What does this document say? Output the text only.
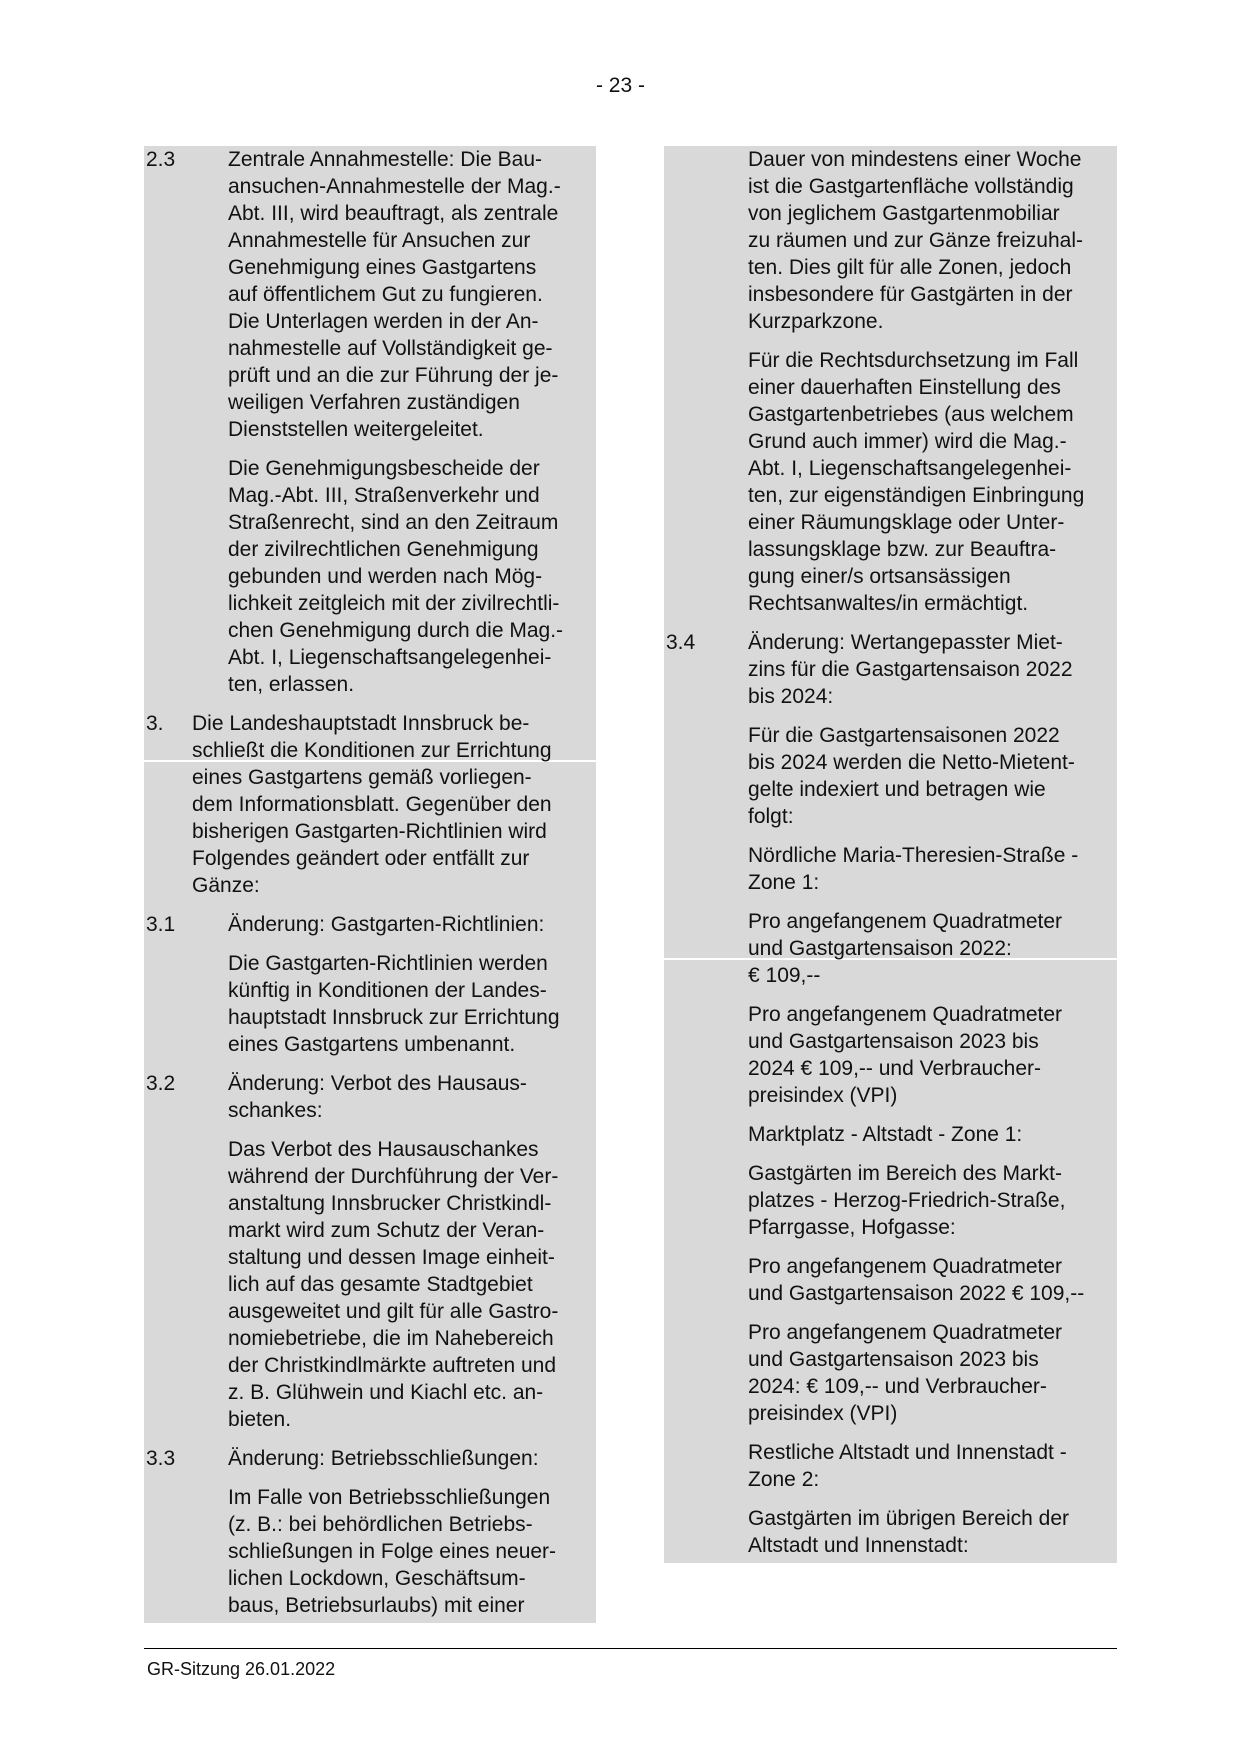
- 23 -
2.3	Zentrale Annahmestelle: Die Bau-
ansuchen-Annahmestelle der Mag.-
Abt. III, wird beauftragt, als zentrale
Annahmestelle für Ansuchen zur
Genehmigung eines Gastgartens
auf öffentlichem Gut zu fungieren.
Die Unterlagen werden in der An-
nahmestelle auf Vollständigkeit ge-
prüft und an die zur Führung der je-
weiligen Verfahren zuständigen
Dienststellen weitergeleitet.
Die Genehmigungsbescheide der
Mag.-Abt. III, Straßenverkehr und
Straßenrecht, sind an den Zeitraum
der zivilrechtlichen Genehmigung
gebunden und werden nach Mög-
lichkeit zeitgleich mit der zivilrechtli-
chen Genehmigung durch die Mag.-
Abt. I, Liegenschaftsangelegenhei-
ten, erlassen.
3. Die Landeshauptstadt Innsbruck be-
schließt die Konditionen zur Errichtung
eines Gastgartens gemäß vorliegen-
dem Informationsblatt. Gegenüber den
bisherigen Gastgarten-Richtlinien wird
Folgendes geändert oder entfällt zur
Gänze:
3.1	Änderung: Gastgarten-Richtlinien:
Die Gastgarten-Richtlinien werden
künftig in Konditionen der Landes-
hauptstadt Innsbruck zur Errichtung
eines Gastgartens umbenannt.
3.2	Änderung: Verbot des Hausaus-
schankes:
Das Verbot des Hausauschankes
während der Durchführung der Ver-
anstaltung Innsbrucker Christkindl-
markt wird zum Schutz der Veran-
staltung und dessen Image einheit-
lich auf das gesamte Stadtgebiet
ausgeweitet und gilt für alle Gastro-
nomiebetriebe, die im Nahebereich
der Christkindlmärkte auftreten und
z. B. Glühwein und Kiachl etc. an-
bieten.
3.3	Änderung: Betriebsschließungen:
Im Falle von Betriebsschließungen
(z. B.: bei behördlichen Betriebs-
schließungen in Folge eines neuer-
lichen Lockdown, Geschäftsum-
baus, Betriebsurlaubs) mit einer
Dauer von mindestens einer Woche
ist die Gastgartenfläche vollständig
von jeglichem Gastgartenmobiliar
zu räumen und zur Gänze freizuhal-
ten. Dies gilt für alle Zonen, jedoch
insbesondere für Gastgärten in der
Kurzparkzone.
Für die Rechtsdurchsetzung im Fall
einer dauerhaften Einstellung des
Gastgartenbetriebes (aus welchem
Grund auch immer) wird die Mag.-
Abt. I, Liegenschaftsangelegenhei-
ten, zur eigenständigen Einbringung
einer Räumungsklage oder Unter-
lassungsklage bzw. zur Beauftra-
gung einer/s ortsansässigen
Rechtsanwaltes/in ermächtigt.
3.4	Änderung: Wertangepasster Miet-
zins für die Gastgartensaison 2022
bis 2024:
Für die Gastgartensaisonen 2022
bis 2024 werden die Netto-Mietent-
gelte indexiert und betragen wie
folgt:
Nördliche Maria-Theresien-Straße -
Zone 1:
Pro angefangenem Quadratmeter
und Gastgartensaison 2022:
€ 109,--
Pro angefangenem Quadratmeter
und Gastgartensaison 2023 bis
2024 € 109,-- und Verbraucher-
preisindex (VPI)
Marktplatz - Altstadt - Zone 1:
Gastgärten im Bereich des Markt-
platzes - Herzog-Friedrich-Straße,
Pfarrgasse, Hofgasse:
Pro angefangenem Quadratmeter
und Gastgartensaison 2022 € 109,--
Pro angefangenem Quadratmeter
und Gastgartensaison 2023 bis
2024: € 109,-- und Verbraucher-
preisindex (VPI)
Restliche Altstadt und Innenstadt -
Zone 2:
Gastgärten im übrigen Bereich der
Altstadt und Innenstadt:
GR-Sitzung 26.01.2022
